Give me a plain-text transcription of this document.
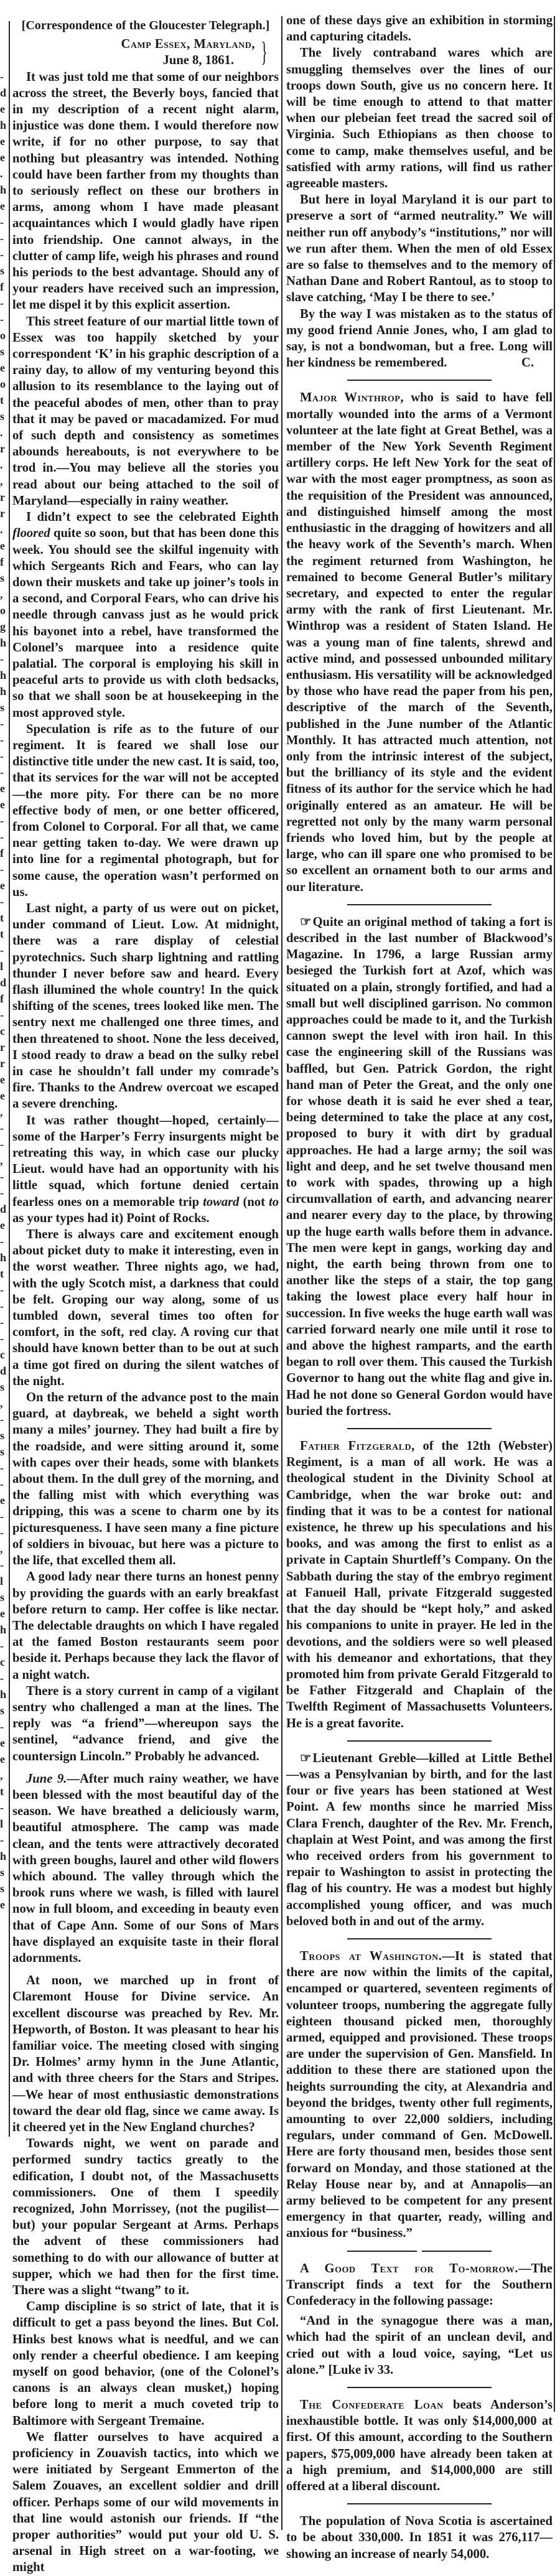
-
d
e
h
e
e
.
h
e
-
-
-
s
f
-
-
o
s
e
o
t
s
.
r
.
,
r
r
.
e
f
s
,
o
g
h
-
h
h
s
-
-
-
-
e
e
-
-
f
-
e
-
t
t
-
l
d
f
-
c
r
r
e
e
,
-
-
,
-
-
d
e
-
h
t
-
-
-
-
c
d
s
,
-
s
s
-
-
e
-
-
,
-
l
s
e
h
-
c
-
h
s
-
e
e
,
t
-
l
-
h
s
s
e

[Correspondence of the Gloucester Telegraph.]

Camp Essex, Maryland, }

June 8, 1861.

It was just told me that some of our neighbors across the street, the Beverly boys, fancied that in my description of a recent night alarm, injustice was done them. I would therefore now write, if for no other purpose, to say that nothing but pleasantry was intended. Nothing could have been farther from my thoughts than to seriously reflect on these our brothers in arms, among whom I have made pleasant acquaintances which I would gladly have ripen into friendship. One cannot always, in the clutter of camp life, weigh his phrases and round his periods to the best advantage. Should any of your readers have received such an impression, let me dispel it by this explicit assertion.

This street feature of our martial little town of Essex was too happily sketched by your correspondent ‘K’ in his graphic description of a rainy day, to allow of my venturing beyond this allusion to its resemblance to the laying out of the peaceful abodes of men, other than to pray that it may be paved or macadamized. For mud of such depth and consistency as sometimes abounds hereabouts, is not everywhere to be trod in.—You may believe all the stories you read about our being attached to the soil of Maryland—especially in rainy weather.

I didn’t expect to see the celebrated Eighth floored quite so soon, but that has been done this week. You should see the skilful ingenuity with which Sergeants Rich and Fears, who can lay down their muskets and take up joiner’s tools in a second, and Corporal Fears, who can drive his needle through canvass just as he would prick his bayonet into a rebel, have transformed the Colonel’s marquee into a residence quite palatial. The corporal is employing his skill in peaceful arts to provide us with cloth bedsacks, so that we shall soon be at housekeeping in the most approved style.

Speculation is rife as to the future of our regiment. It is feared we shall lose our distinctive title under the new cast. It is said, too, that its services for the war will not be accepted—the more pity. For there can be no more effective body of men, or one better officered, from Colonel to Corporal. For all that, we came near getting taken to-day. We were drawn up into line for a regimental photograph, but for some cause, the operation wasn’t performed on us.

Last night, a party of us were out on picket, under command of Lieut. Low. At midnight, there was a rare display of celestial pyrotechnics. Such sharp lightning and rattling thunder I never before saw and heard. Every flash illumined the whole country! In the quick shifting of the scenes, trees looked like men. The sentry next me challenged one three times, and then threatened to shoot. None the less deceived, I stood ready to draw a bead on the sulky rebel in case he shouldn’t fall under my comrade’s fire. Thanks to the Andrew overcoat we escaped a severe drenching.

It was rather thought—hoped, certainly—some of the Harper’s Ferry insurgents might be retreating this way, in which case our plucky Lieut. would have had an opportunity with his little squad, which fortune denied certain fearless ones on a memorable trip toward (not to as your types had it) Point of Rocks.

There is always care and excitement enough about picket duty to make it interesting, even in the worst weather. Three nights ago, we had, with the ugly Scotch mist, a darkness that could be felt. Groping our way along, some of us tumbled down, several times too often for comfort, in the soft, red clay. A roving cur that should have known better than to be out at such a time got fired on during the silent watches of the night.

On the return of the advance post to the main guard, at daybreak, we beheld a sight worth many a miles’ journey. They had built a fire by the roadside, and were sitting around it, some with capes over their heads, some with blankets about them. In the dull grey of the morning, and the falling mist with which everything was dripping, this was a scene to charm one by its picturesqueness. I have seen many a fine picture of soldiers in bivouac, but here was a picture to the life, that excelled them all.

A good lady near there turns an honest penny by providing the guards with an early breakfast before return to camp. Her coffee is like nectar. The delectable draughts on which I have regaled at the famed Boston restaurants seem poor beside it. Perhaps because they lack the flavor of a night watch.

There is a story current in camp of a vigilant sentry who challenged a man at the lines. The reply was “a friend”—whereupon says the sentinel, “advance friend, and give the countersign Lincoln.” Probably he advanced.

June 9.—After much rainy weather, we have been blessed with the most beautiful day of the season. We have breathed a deliciously warm, beautiful atmosphere. The camp was made clean, and the tents were attractively decorated with green boughs, laurel and other wild flowers which abound. The valley through which the brook runs where we wash, is filled with laurel now in full bloom, and exceeding in beauty even that of Cape Ann. Some of our Sons of Mars have displayed an exquisite taste in their floral adornments.

At noon, we marched up in front of Claremont House for Divine service. An excellent discourse was preached by Rev. Mr. Hepworth, of Boston. It was pleasant to hear his familiar voice. The meeting closed with singing Dr. Holmes’ army hymn in the June Atlantic, and with three cheers for the Stars and Stripes.—We hear of most enthusiastic demonstrations toward the dear old flag, since we came away. Is it cheered yet in the New England churches?

Towards night, we went on parade and performed sundry tactics greatly to the edification, I doubt not, of the Massachusetts commissioners. One of them I speedily recognized, John Morrissey, (not the pugilist—but) your popular Sergeant at Arms. Perhaps the advent of these commissioners had something to do with our allowance of butter at supper, which we had then for the first time. There was a slight “twang” to it.

Camp discipline is so strict of late, that it is difficult to get a pass beyond the lines. But Col. Hinks best knows what is needful, and we can only render a cheerful obedience. I am keeping myself on good behavior, (one of the Colonel’s canons is an always clean musket,) hoping before long to merit a much coveted trip to Baltimore with Sergeant Tremaine.

We flatter ourselves to have acquired a proficiency in Zouavish tactics, into which we were initiated by Sergeant Emmerton of the Salem Zouaves, an excellent soldier and drill officer. Perhaps some of our wild movements in that line would astonish our friends. If “the proper authorities” would put your old U. S. arsenal in High street on a war-footing, we might

one of these days give an exhibition in storming and capturing citadels.

The lively contraband wares which are smuggling themselves over the lines of our troops down South, give us no concern here. It will be time enough to attend to that matter when our plebeian feet tread the sacred soil of Virginia. Such Ethiopians as then choose to come to camp, make themselves useful, and be satisfied with army rations, will find us rather agreeable masters.

But here in loyal Maryland it is our part to preserve a sort of “armed neutrality.” We will neither run off anybody’s “institutions,” nor will we run after them. When the men of old Essex are so false to themselves and to the memory of Nathan Dane and Robert Rantoul, as to stoop to slave catching, ‘May I be there to see.’

By the way I was mistaken as to the status of my good friend Annie Jones, who, I am glad to say, is not a bondwoman, but a free. Long will her kindness be remembered.	C.

Major Winthrop, who is said to have fell mortally wounded into the arms of a Vermont volunteer at the late fight at Great Bethel, was a member of the New York Seventh Regiment artillery corps. He left New York for the seat of war with the most eager promptness, as soon as the requisition of the President was announced, and distinguished himself among the most enthusiastic in the dragging of howitzers and all the heavy work of the Seventh’s march. When the regiment returned from Washington, he remained to become General Butler’s military secretary, and expected to enter the regular army with the rank of first Lieutenant. Mr. Winthrop was a resident of Staten Island. He was a young man of fine talents, shrewd and active mind, and possessed unbounded military enthusiasm. His versatility will be acknowledged by those who have read the paper from his pen, descriptive of the march of the Seventh, published in the June number of the Atlantic Monthly. It has attracted much attention, not only from the intrinsic interest of the subject, but the brilliancy of its style and the evident fitness of its author for the service which he had originally entered as an amateur. He will be regretted not only by the many warm personal friends who loved him, but by the people at large, who can ill spare one who promised to be so excellent an ornament both to our arms and our literature.

☞Quite an original method of taking a fort is described in the last number of Blackwood’s Magazine. In 1796, a large Russian army besieged the Turkish fort at Azof, which was situated on a plain, strongly fortified, and had a small but well disciplined garrison. No common approaches could be made to it, and the Turkish cannon swept the level with iron hail. In this case the engineering skill of the Russians was baffled, but Gen. Patrick Gordon, the right hand man of Peter the Great, and the only one for whose death it is said he ever shed a tear, being determined to take the place at any cost, proposed to bury it with dirt by gradual approaches. He had a large army; the soil was light and deep, and he set twelve thousand men to work with spades, throwing up a high circumvallation of earth, and advancing nearer and nearer every day to the place, by throwing up the huge earth walls before them in advance. The men were kept in gangs, working day and night, the earth being thrown from one to another like the steps of a stair, the top gang taking the lowest place every half hour in succession. In five weeks the huge earth wall was carried forward nearly one mile until it rose to and above the highest ramparts, and the earth began to roll over them. This caused the Turkish Governor to hang out the white flag and give in. Had he not done so General Gordon would have buried the fortress.

Father Fitzgerald, of the 12th (Webster) Regiment, is a man of all work. He was a theological student in the Divinity School at Cambridge, when the war broke out: and finding that it was to be a contest for national existence, he threw up his speculations and his books, and was among the first to enlist as a private in Captain Shurtleff’s Company. On the Sabbath during the stay of the embryo regiment at Fanueil Hall, private Fitzgerald suggested that the day should be “kept holy,” and asked his companions to unite in prayer. He led in the devotions, and the soldiers were so well pleased with his demeanor and exhortations, that they promoted him from private Gerald Fitzgerald to be Father Fitzgerald and Chaplain of the Twelfth Regiment of Massachusetts Volunteers. He is a great favorite.

☞Lieutenant Greble—killed at Little Bethel—was a Pensylvanian by birth, and for the last four or five years has been stationed at West Point. A few months since he married Miss Clara French, daughter of the Rev. Mr. French, chaplain at West Point, and was among the first who received orders from his government to repair to Washington to assist in protecting the flag of his country. He was a modest but highly accomplished young officer, and was much beloved both in and out of the army.

Troops at Washington.—It is stated that there are now within the limits of the capital, encamped or quartered, seventeen regiments of volunteer troops, numbering the aggregate fully eighteen thousand picked men, thoroughly armed, equipped and provisioned. These troops are under the supervision of Gen. Mansfield. In addition to these there are stationed upon the heights surrounding the city, at Alexandria and beyond the bridges, twenty other full regiments, amounting to over 22,000 soldiers, including regulars, under command of Gen. McDowell. Here are forty thousand men, besides those sent forward on Monday, and those stationed at the Relay House near by, and at Annapolis—an army believed to be competent for any present emergency in that quarter, ready, willing and anxious for “business.”

A Good Text for To-morrow.—The Transcript finds a text for the Southern Confederacy in the following passage:

“And in the synagogue there was a man, which had the spirit of an unclean devil, and cried out with a loud voice, saying, “Let us alone.” [Luke iv 33.

The Confederate Loan beats Anderson’s inexhaustible bottle. It was only $14,000,000 at first. Of this amount, according to the Southern papers, $75,009,000 have already been taken at a high premium, and $14,000,000 are still offered at a liberal discount.

The population of Nova Scotia is ascertained to be about 330,000. In 1851 it was 276,117—showing an increase of nearly 54,000.
